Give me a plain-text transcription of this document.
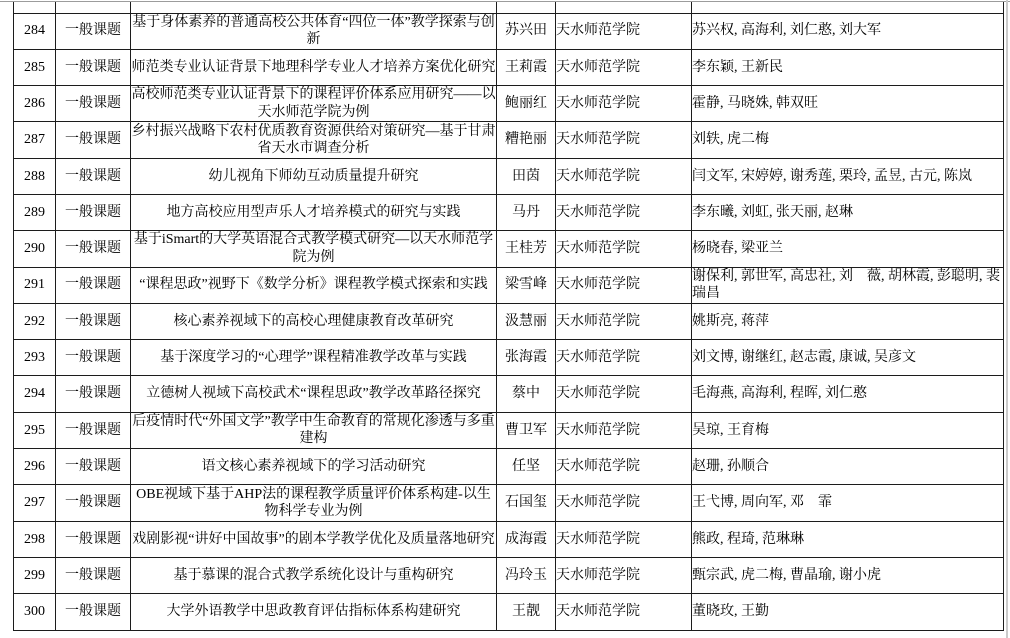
284	一般课题	基于身体素养的普通高校公共体育“四位一体”教学探索与创新	苏兴田	天水师范学院	苏兴权, 高海利, 刘仁憨, 刘大军
285	一般课题	师范类专业认证背景下地理科学专业人才培养方案优化研究	王莉霞	天水师范学院	李东颖, 王新民
286	一般课题	高校师范类专业认证背景下的课程评价体系应用研究——以天水师范学院为例	鲍丽红	天水师范学院	霍静, 马晓姝, 韩双旺
287	一般课题	乡村振兴战略下农村优质教育资源供给对策研究—基于甘肃省天水市调查分析	糟艳丽	天水师范学院	刘轶, 虎二梅
288	一般课题	幼儿视角下师幼互动质量提升研究	田茵	天水师范学院	闫文军, 宋婷婷, 谢秀莲, 栗玲, 孟昱, 古元, 陈岚
289	一般课题	地方高校应用型声乐人才培养模式的研究与实践	马丹	天水师范学院	李东曦, 刘虹, 张天丽, 赵琳
290	一般课题	基于iSmart的大学英语混合式教学模式研究—以天水师范学院为例	王桂芳	天水师范学院	杨晓春, 梁亚兰
291	一般课题	“课程思政”视野下《数学分析》课程教学模式探索和实践	梁雪峰	天水师范学院	谢保利, 郭世军, 高忠社, 刘　薇, 胡林霞, 彭聪明, 裴瑞昌
292	一般课题	核心素养视域下的高校心理健康教育改革研究	汲慧丽	天水师范学院	姚斯亮, 蒋萍
293	一般课题	基于深度学习的“心理学”课程精准教学改革与实践	张海霞	天水师范学院	刘文博, 谢继红, 赵志霞, 康诚, 吴彦文
294	一般课题	立德树人视域下高校武术“课程思政”教学改革路径探究	蔡中	天水师范学院	毛海燕, 高海利, 程晖, 刘仁憨
295	一般课题	后疫情时代“外国文学”教学中生命教育的常规化渗透与多重建构	曹卫军	天水师范学院	吴琼, 王育梅
296	一般课题	语文核心素养视域下的学习活动研究	任坚	天水师范学院	赵珊, 孙顺合
297	一般课题	OBE视域下基于AHP法的课程教学质量评价体系构建-以生物科学专业为例	石国玺	天水师范学院	王弋博, 周向军, 邓　霏
298	一般课题	戏剧影视“讲好中国故事”的剧本学教学优化及质量落地研究	成海霞	天水师范学院	熊政, 程琦, 范琳琳
299	一般课题	基于慕课的混合式教学系统化设计与重构研究	冯玲玉	天水师范学院	甄宗武, 虎二梅, 曹晶瑜, 谢小虎
300	一般课题	大学外语教学中思政教育评估指标体系构建研究	王靓	天水师范学院	董晓玫, 王勤
